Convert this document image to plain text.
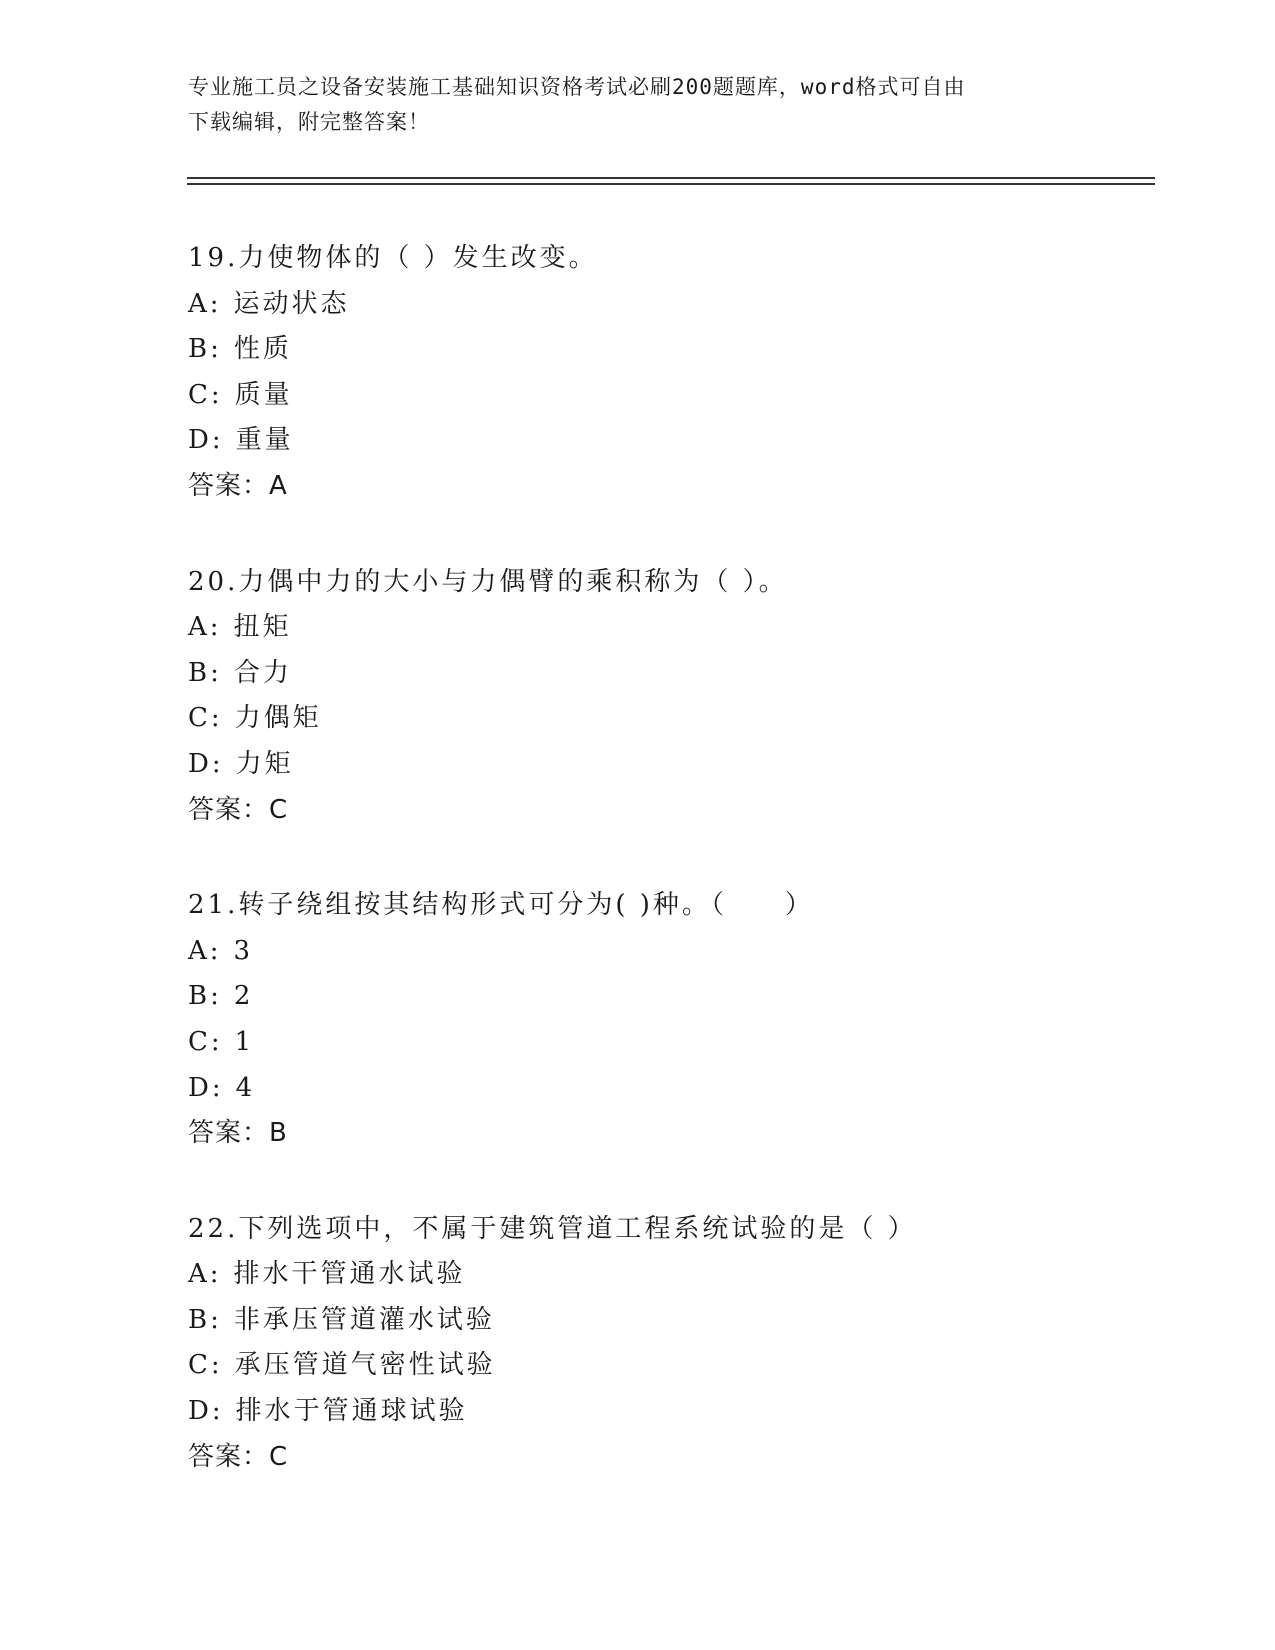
专业施工员之设备安装施工基础知识资格考试必刷200题题库，word格式可自由
下载编辑，附完整答案！
19.力使物体的（ ）发生改变。
A: 运动状态
B: 性质
C: 质量
D: 重量
答案：A
20.力偶中力的大小与力偶臂的乘积称为（ ）。
A: 扭矩
B: 合力
C: 力偶矩
D: 力矩
答案：C
21.转子绕组按其结构形式可分为( )种。（　　）
A: 3
B: 2
C: 1
D: 4
答案：B
22.下列选项中，不属于建筑管道工程系统试验的是（ ）
A: 排水干管通水试验
B: 非承压管道灌水试验
C: 承压管道气密性试验
D: 排水于管通球试验
答案：C
